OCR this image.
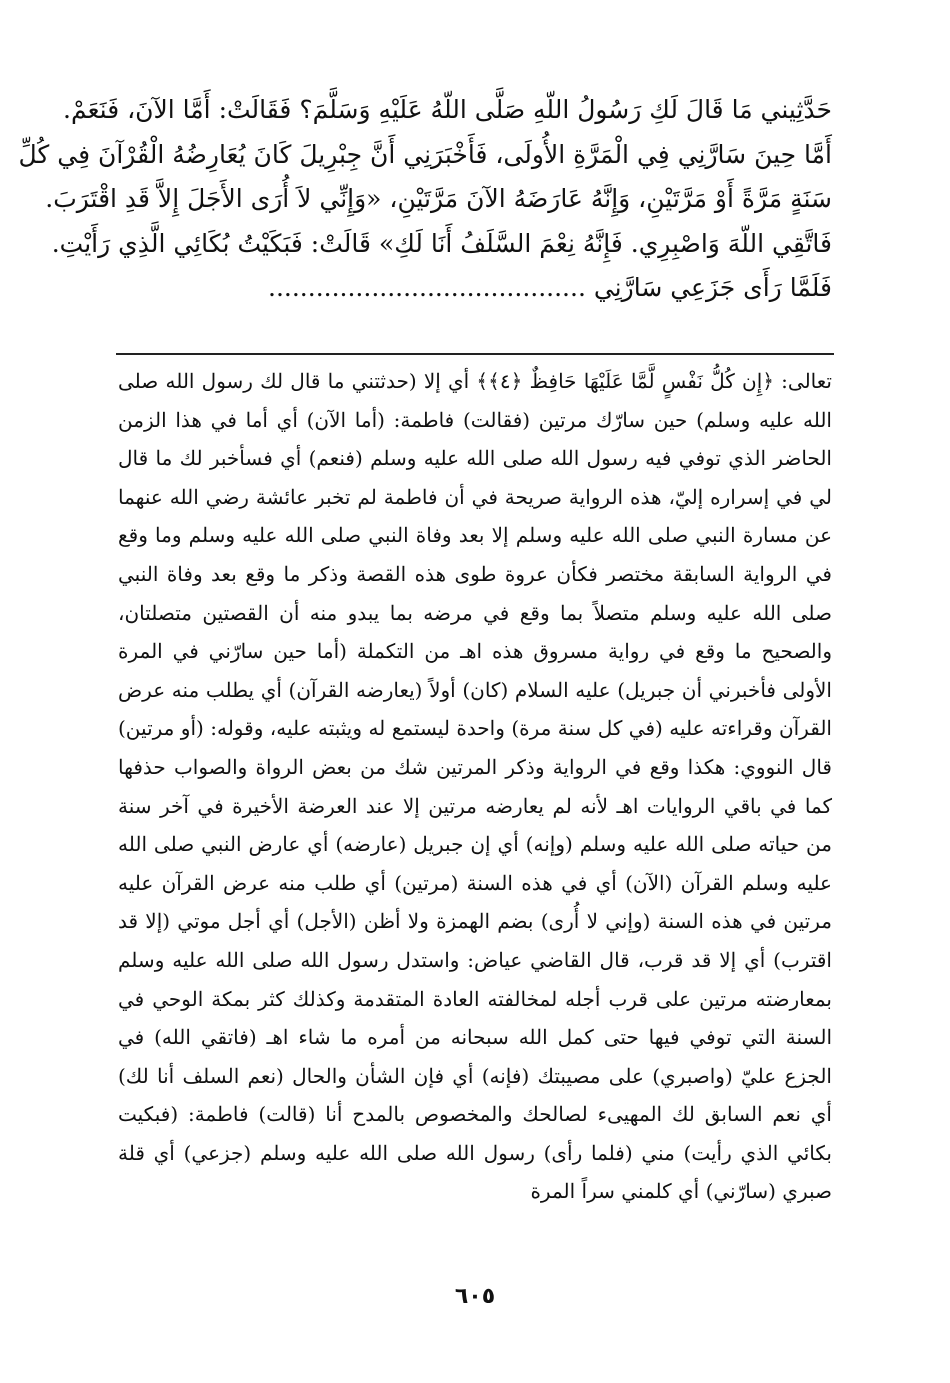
حَدَّثِيني مَا قَالَ لَكِ رَسُولُ اللّهِ صَلَّى اللّهُ عَلَيْهِ وَسَلَّمَ؟ فَقَالَتْ: أَمَّا الآنَ، فَنَعَمْ.
أَمَّا حِينَ سَارَّنِي فِي الْمَرَّةِ الأُولَى، فَأَخْبَرَنِي أَنَّ جِبْرِيلَ كَانَ يُعَارِضُهُ الْقُرْآنَ فِي كُلِّ
سَنَةٍ مَرَّةً أَوْ مَرَّتَيْنِ، وَإِنَّهُ عَارَضَهُ الآنَ مَرَّتَيْنِ، «وَإِنِّي لاَ أُرَى الأَجَلَ إِلاَّ قَدِ اقْتَرَبَ.
فَاتَّقِي اللّهَ وَاصْبِرِي. فَإِنَّهُ نِعْمَ السَّلَفُ أَنَا لَكِ» قَالَتْ: فَبَكَيْتُ بُكَائِي الَّذِي رَأَيْتِ.
فَلَمَّا رَأَى جَزَعِي سَارَّنِي ........................................

تعالى: ﴿إِن كُلُّ نَفْسٍ لَّمَّا عَلَيْهَا حَافِظٌ ﴿٤﴾﴾ أي إلا (حدثتني ما قال لك رسول الله صلى الله عليه وسلم) حين سارّك مرتين (فقالت) فاطمة: (أما الآن) أي أما في هذا الزمن الحاضر الذي توفي فيه رسول الله صلى الله عليه وسلم (فنعم) أي فسأخبر لك ما قال لي في إسراره إليّ، هذه الرواية صريحة في أن فاطمة لم تخبر عائشة رضي الله عنهما عن مسارة النبي صلى الله عليه وسلم إلا بعد وفاة النبي صلى الله عليه وسلم وما وقع في الرواية السابقة مختصر فكأن عروة طوى هذه القصة وذكر ما وقع بعد وفاة النبي صلى الله عليه وسلم متصلاً بما وقع في مرضه بما يبدو منه أن القصتين متصلتان، والصحيح ما وقع في رواية مسروق هذه اهـ من التكملة (أما حين سارّني في المرة الأولى فأخبرني أن جبريل) عليه السلام (كان) أولاً (يعارضه القرآن) أي يطلب منه عرض القرآن وقراءته عليه (في كل سنة مرة) واحدة ليستمع له ويثبته عليه، وقوله: (أو مرتين) قال النووي: هكذا وقع في الرواية وذكر المرتين شك من بعض الرواة والصواب حذفها كما في باقي الروايات اهـ لأنه لم يعارضه مرتين إلا عند العرضة الأخيرة في آخر سنة من حياته صلى الله عليه وسلم (وإنه) أي إن جبريل (عارضه) أي عارض النبي صلى الله عليه وسلم القرآن (الآن) أي في هذه السنة (مرتين) أي طلب منه عرض القرآن عليه مرتين في هذه السنة (وإني لا أُرى) بضم الهمزة ولا أظن (الأجل) أي أجل موتي (إلا قد اقترب) أي إلا قد قرب، قال القاضي عياض: واستدل رسول الله صلى الله عليه وسلم بمعارضته مرتين على قرب أجله لمخالفته العادة المتقدمة وكذلك كثر بمكة الوحي في السنة التي توفي فيها حتى كمل الله سبحانه من أمره ما شاء اهـ (فاتقي الله) في الجزع عليّ (واصبري) على مصيبتك (فإنه) أي فإن الشأن والحال (نعم السلف أنا لك) أي نعم السابق لك المهيىء لصالحك والمخصوص بالمدح أنا (قالت) فاطمة: (فبكيت بكائي الذي رأيت) مني (فلما رأى) رسول الله صلى الله عليه وسلم (جزعي) أي قلة صبري (سارّني) أي كلمني سراً المرة

٦٠٥
